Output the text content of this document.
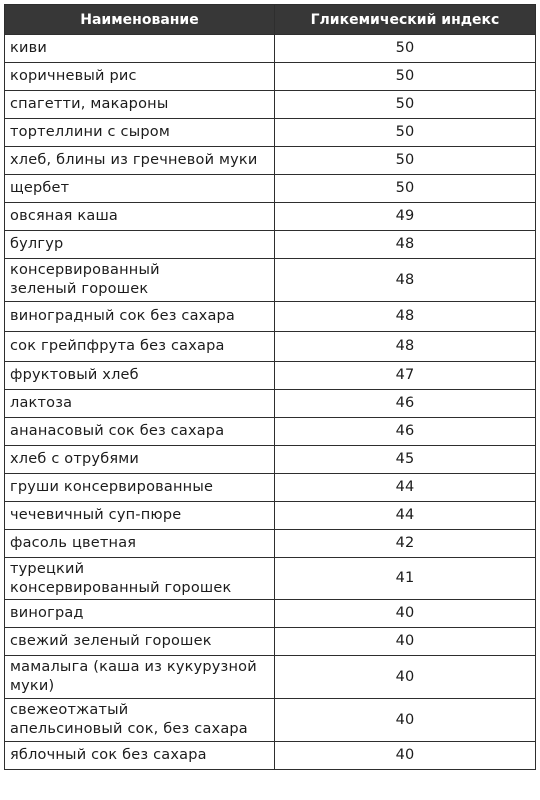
Наименование	Гликемический индекс
киви	50
коричневый рис	50
спагетти, макароны	50
тортеллини с сыром	50
хлеб, блины из гречневой муки	50
щербет	50
овсяная каша	49
булгур	48
консервированный
зеленый горошек	48
виноградный сок без сахара	48
сок грейпфрута без сахара	48
фруктовый хлеб	47
лактоза	46
ананасовый сок без сахара	46
хлеб с отрубями	45
груши консервированные	44
чечевичный суп-пюре	44
фасоль цветная	42
турецкий
консервированный горошек	41
виноград	40
свежий зеленый горошек	40
мамалыга (каша из кукурузной
муки)	40
свежеотжатый
апельсиновый сок, без сахара	40
яблочный сок без сахара	40
